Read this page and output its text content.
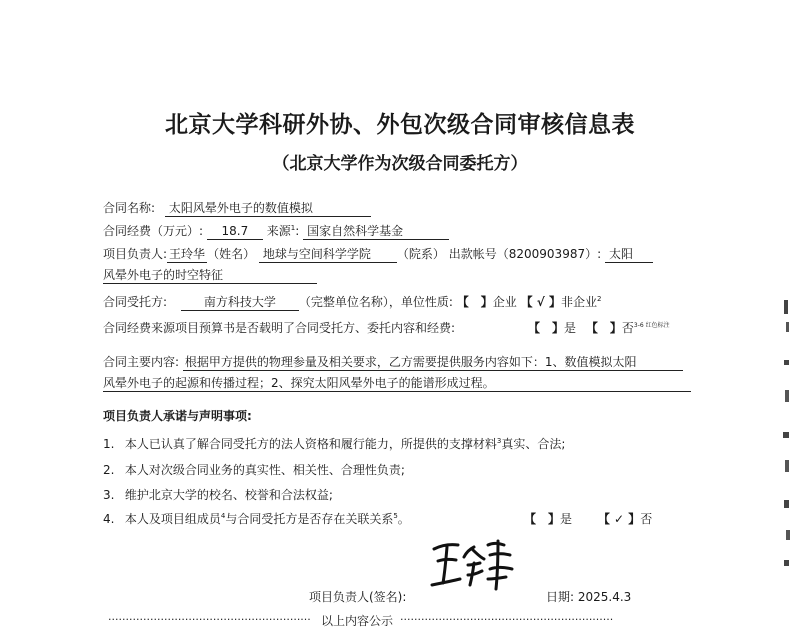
北京大学科研外协、外包次级合同审核信息表
（北京大学作为次级合同委托方）
合同名称: 太阳风晕外电子的数值模拟
合同经费（万元）: 18.7 来源$^1$: 国家自然科学基金
项目负责人: 王玲华 （姓名） 地球与空间科学学院 （院系） 出款帐号（8200903987）: 太阳
风晕外电子的时空特征
合同受托方:	南方科技大学 （完整单位名称），单位性质: 【　】企业 【 √ 】非企业$^2$
合同经费来源项目预算书是否载明了合同受托方、委托内容和经费:	【　】是 【　】否$^{3-6 红色标注}$
合同主要内容: 根据甲方提供的物理参量及相关要求，乙方需要提供服务内容如下：1、数值模拟太阳
风晕外电子的起源和传播过程；2、探究太阳风晕外电子的能谱形成过程。
项目负责人承诺与声明事项:
1. 本人已认真了解合同受托方的法人资格和履行能力，所提供的支撑材料$^3$真实、合法;
2. 本人对次级合同业务的真实性、相关性、合理性负责;
3. 维护北京大学的校名、校誉和合法权益;
4. 本人及项目组成员$^4$与合同受托方是否存在关联关系$^5$。	【　】是 【 ✓ 】否
项目负责人(签名):	日期: 2025.4.3
·························································· 以上内容公示 ·····························································
